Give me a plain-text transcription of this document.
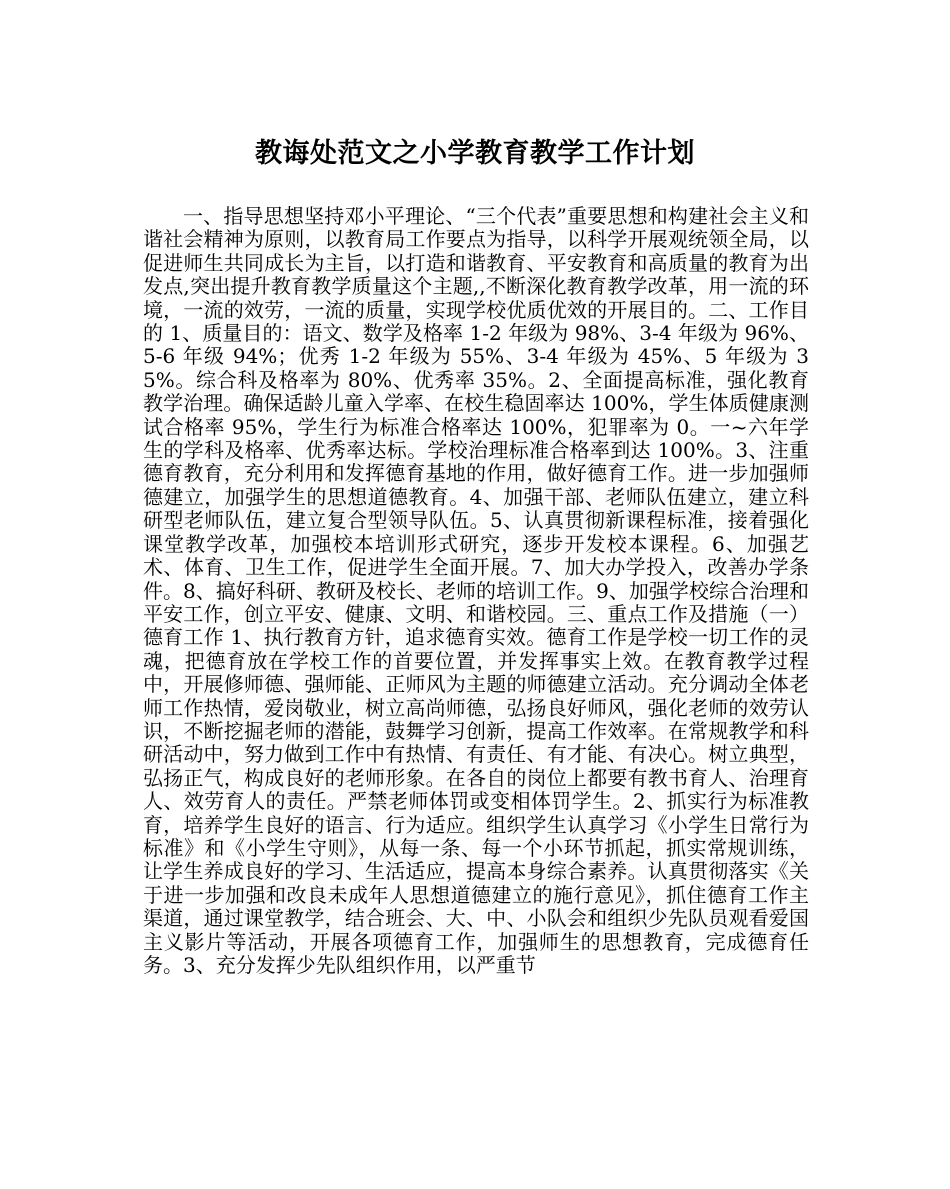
教诲处范文之小学教育教学工作计划

一、指导思想坚持邓小平理论、“三个代表”重要思想和构建社会主义和谐社会精神为原则，以教育局工作要点为指导，以科学开展观统领全局，以促进师生共同成长为主旨，以打造和谐教育、平安教育和高质量的教育为出发点,突出提升教育教学质量这个主题,,不断深化教育教学改革，用一流的环境，一流的效劳，一流的质量，实现学校优质优效的开展目的。二、工作目的 1、质量目的：语文、数学及格率 1-2 年级为 98%、3-4 年级为 96%、5-6 年级 94%；优秀 1-2 年级为 55%、3-4 年级为 45%、5 年级为 35%。综合科及格率为 80%、优秀率 35%。2、全面提高标准，强化教育教学治理。确保适龄儿童入学率、在校生稳固率达 100%，学生体质健康测试合格率 95%，学生行为标准合格率达 100%，犯罪率为 0。一~六年学生的学科及格率、优秀率达标。学校治理标准合格率到达 100%。3、注重德育教育，充分利用和发挥德育基地的作用，做好德育工作。进一步加强师德建立，加强学生的思想道德教育。4、加强干部、老师队伍建立，建立科研型老师队伍，建立复合型领导队伍。5、认真贯彻新课程标准，接着强化课堂教学改革，加强校本培训形式研究，逐步开发校本课程。6、加强艺术、体育、卫生工作，促进学生全面开展。7、加大办学投入，改善办学条件。8、搞好科研、教研及校长、老师的培训工作。9、加强学校综合治理和平安工作，创立平安、健康、文明、和谐校园。三、重点工作及措施（一）德育工作 1、执行教育方针，追求德育实效。德育工作是学校一切工作的灵魂，把德育放在学校工作的首要位置，并发挥事实上效。在教育教学过程中，开展修师德、强师能、正师风为主题的师德建立活动。充分调动全体老师工作热情，爱岗敬业，树立高尚师德，弘扬良好师风，强化老师的效劳认识，不断挖掘老师的潜能，鼓舞学习创新，提高工作效率。在常规教学和科研活动中，努力做到工作中有热情、有责任、有才能、有决心。树立典型，弘扬正气，构成良好的老师形象。在各自的岗位上都要有教书育人、治理育人、效劳育人的责任。严禁老师体罚或变相体罚学生。2、抓实行为标准教育，培养学生良好的语言、行为适应。组织学生认真学习《小学生日常行为标准》和《小学生守则》，从每一条、每一个小环节抓起，抓实常规训练，让学生养成良好的学习、生活适应，提高本身综合素养。认真贯彻落实《关于进一步加强和改良未成年人思想道德建立的施行意见》，抓住德育工作主渠道，通过课堂教学，结合班会、大、中、小队会和组织少先队员观看爱国主义影片等活动，开展各项德育工作，加强师生的思想教育，完成德育任务。3、充分发挥少先队组织作用，以严重节
